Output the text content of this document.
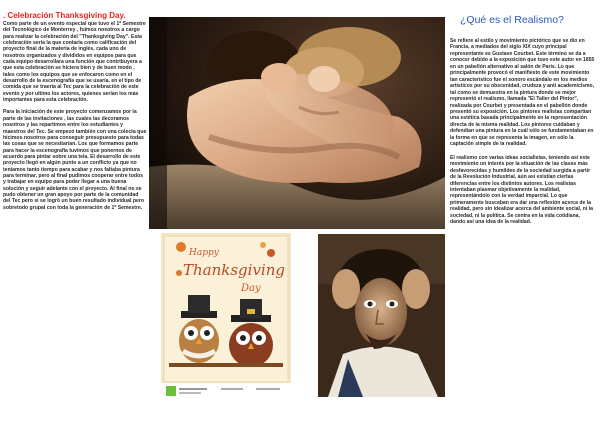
. Celebración Thanksgiving Day.

Como parte de un evento especial que tuvo el 1º Semestre del Tecnológico de Monterrey , fuimos nosotros a cargo para realizar la celebración del "Thanksgiving Day". Esta celebración seria la que contaria como calificación del proyecto final de la materia de inglés, cada uno de nosotros organizados y divididos en equipos para que cada equipo desarrollara una función que contribuyera a que esta celebración se hiciera bien y de buen modo , tales como los equipos que se enfocaron como en el desarrollo de la escenografía que se usaría, en el tipo de comida que se traería al Tec para la celebración de este evento y por ultimo los actores, quienes serían los más importantes para esta celebración.

Para la iniciación de este proyecto comenzamos por la parte de las invitaciones , las cuales las decoramos nosotros y las repartimos entre los estudiantes y maestros del Tec. Se empezó también con una colecta que hicimos nosotros para conseguir presupuesto para todas las cosas que se necesitarían. Los que formamos parte para hacer la escenografía tuvimos que ponernos de acuerdo para pintar sobre una tela. El desarrollo de este proyecto llegó en algún punto a un conflicto ya que no teníamos tanto tiempo para acabar y nos faltaba pintura para terminar, pero al final pudimos cooperar entre todos y trabajar en equipo para poder llegar a una buena solución y seguir adelante con el proyecto. Al final no se pudo obtener un gran apoyo por parte de la comunidad del Tec pero si se logró un buen resultado individual pero sobretodo grupal con toda la generación de 1º Semestre.

Happy
Thanksgiving
Day
¿Qué es el Realismo?

Se refiere al estilo y movimiento pictórico que se dio en Francia, a mediados del siglo XIX cuyo principal representante es Gustave Courbet. Este término se da a conocer debido a la exposición que tuvo este autor en 1855 en un pabellón alternativo al salón de París. Lo que principalmente provocó el manifiesto de este movimiento tan característico fue el sonoro escándalo en los medios artísticos por su obscenidad, crudeza y anti academicismo, tal como se demuestra en la pintura donde se mejor representó el realismo, llamada "El Taller del Pintor", realizada por Courbet y presentada en el pabellón donde presentó su exposición. Los pintores realistas compartían una estética basada principalmente en la representación directa de la misma realidad. Los pintores cuidaban y defendían una pintura en la cuál sólo se fundamentaban en la forma en que se representa la imagen, en sólo la captación simple de la realidad.

El realismo con varias ideas socialistas, teniendo así este movimiento un interés por la situación de las clases más desfavorecidas y humildes de la sociedad surgida a partir de la Revolución Industrial, aún así existían ciertas diferencias entre los distintos autores. Los realistas intentaban plasmar objetivamente la realidad, representándolo con la verdad imparcial. Lo que primeramente buscaban era dar una reflexión acerca de la realidad, pero sin idealizar acerca del ambiente social, ni la sociedad, ni la política. Se centra en la vida cotidiana, dando así una idea de la realidad.
